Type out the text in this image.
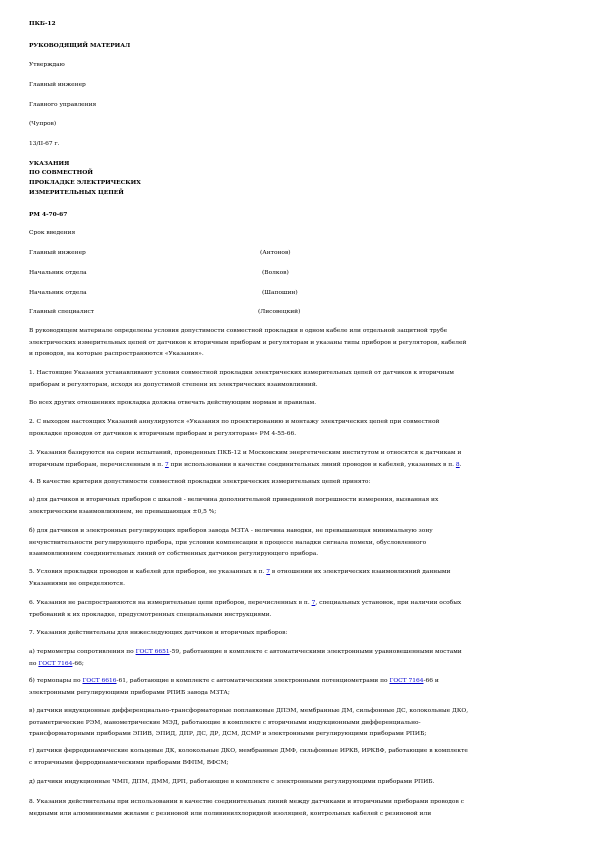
ПКБ-12
РУКОВОДЯЩИЙ МАТЕРИАЛ
Утверждаю
Главный инженер
Главного управления
(Чупров)
13/II-67 г.
УКАЗАНИЯ
ПО СОВМЕСТНОЙ
ПРОКЛАДКЕ ЭЛЕКТРИЧЕСКИХ
ИЗМЕРИТЕЛЬНЫХ ЦЕПЕЙ
РМ 4-70-67
Срок введения
Главный инженер	(Антонов)
Начальник отдела	(Волков)
Начальник отдела	(Шапошин)
Главный специалист	(Лисовецкий)
В руководящем материале определены условия допустимости совместной прокладки в одном кабеле или отдельной защитной трубе
электрических измерительных цепей от датчиков к вторичным приборам и регуляторам и указаны типы приборов и регуляторов, кабелей
и проводов, на которые распространяются «Указания».
1. Настоящие Указания устанавливают условия совместной прокладки электрических измерительных цепей от датчиков к вторичным
приборам и регуляторам, исходя из допустимой степени их электрических взаимовлияний.
Во всех других отношениях прокладка должна отвечать действующим нормам и правилам.
2. С выходом настоящих Указаний аннулируются «Указания по проектированию и монтажу электрических цепей при совместной
прокладке проводов от датчиков к вторичным приборам и регуляторам» РМ 4-55-66.
3. Указания базируются на серии испытаний, проведенных ПКБ-12 и Московским энергетическим институтом и относятся к датчикам и
вторичным приборам, перечисленным в п. 7 при использовании в качестве соединительных линий проводов и кабелей, указанных в п. 8.
4. В качестве критерия допустимости совместной прокладки электрических измерительных цепей принято:
а) для датчиков и вторичных приборов с шкалой - величина дополнительной приведенной погрешности измерения, вызванная их
электрическим взаимовлиянием, не превышающая ±0,5 %;
б) для датчиков и электронных регулирующих приборов завода МЗТА - величина наводки, не превышающая минимальную зону
нечувствительности регулирующего прибора, при условии компенсации в процессе наладки сигнала помехи, обусловленного
взаимовлиянием соединительных линий от собственных датчиков регулирующего прибора.
5. Условия прокладки проводов и кабелей для приборов, не указанных в п. 7 в отношении их электрических взаимовлияний данными
Указаниями не определяются.
6. Указания не распространяются на измерительные цепи приборов, перечисленных в п. 7, специальных установок, при наличии особых
требований к их прокладке, предусмотренных специальными инструкциями.
7. Указания действительны для нижеследующих датчиков и вторичных приборов:
а) термометры сопротивления по ГОСТ 6651-59, работающие в комплекте с автоматическими электронными уравновешенными мостами
по ГОСТ 7164-66;
б) термопары по ГОСТ 6616-61, работающие в комплекте с автоматическими электронными потенциометрами по ГОСТ 7164-66 и
электронными регулирующими приборами РПИБ завода МЗТА;
в) датчики индукционные дифференциально-трансформаторные поплавковые ДПЭМ, мембранные ДМ, сильфонные ДС, колокольные ДКО,
ротаметрические РЭМ, манометрические МЭД, работающие в комплекте с вторичными индукционными дифференциально-
трансформаторными приборами ЭПИВ, ЭПИД, ДПР, ДС, ДР, ДСМ, ДСМР и электронными регулирующими приборами РПИБ;
г) датчики ферродинамические кольцевые ДК, колокольные ДКО, мембранные ДМФ, сильфонные ИРКВ, ИРКВФ, работающие в комплекте
с вторичными ферродинамическими приборами ВФПМ, ВФСМ;
д) датчики индукционные ЧМП, ДПМ, ДММ, ДРП, работающие в комплекте с электронными регулирующими приборами РПИБ.
8. Указания действительны при использовании в качестве соединительных линий между датчиками и вторичными приборами проводов с
медными или алюминиевыми жилами с резиновой или поливинилхлоридной изоляцией, контрольных кабелей с резиновой или
